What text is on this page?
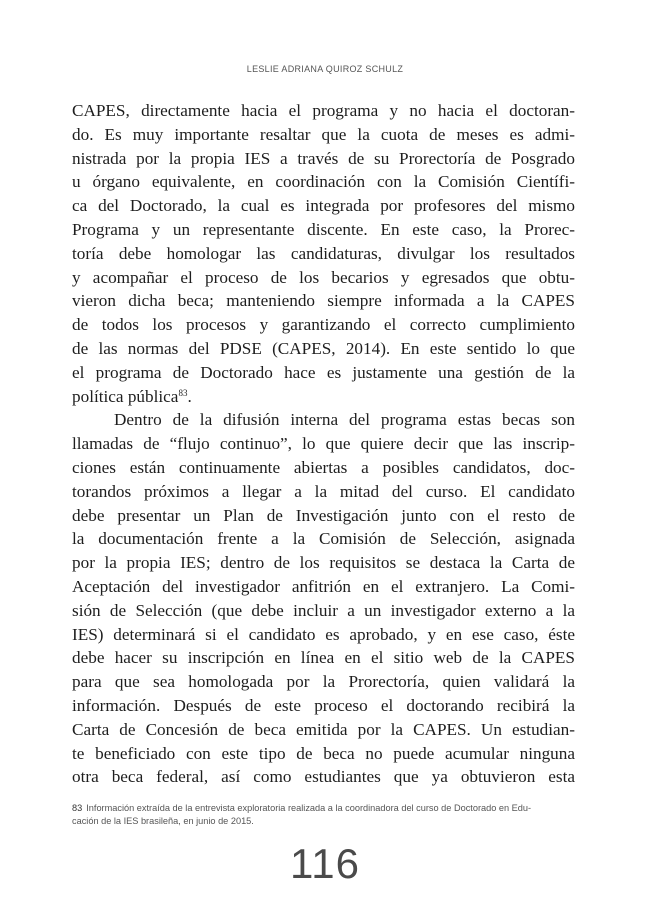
LESLIE ADRIANA QUIROZ SCHULZ
CAPES, directamente hacia el programa y no hacia el doctoran-
do. Es muy importante resaltar que la cuota de meses es admi-
nistrada por la propia IES a través de su Prorectoría de Posgrado
u órgano equivalente, en coordinación con la Comisión Científi-
ca del Doctorado, la cual es integrada por profesores del mismo
Programa y un representante discente. En este caso, la Prorec-
toría debe homologar las candidaturas, divulgar los resultados
y acompañar el proceso de los becarios y egresados que obtu-
vieron dicha beca; manteniendo siempre informada a la CAPES
de todos los procesos y garantizando el correcto cumplimiento
de las normas del PDSE (CAPES, 2014). En este sentido lo que
el programa de Doctorado hace es justamente una gestión de la
política pública$^{83}$.
Dentro de la difusión interna del programa estas becas son
llamadas de “flujo continuo”, lo que quiere decir que las inscrip-
ciones están continuamente abiertas a posibles candidatos, doc-
torandos próximos a llegar a la mitad del curso. El candidato
debe presentar un Plan de Investigación junto con el resto de
la documentación frente a la Comisión de Selección, asignada
por la propia IES; dentro de los requisitos se destaca la Carta de
Aceptación del investigador anfitrión en el extranjero. La Comi-
sión de Selección (que debe incluir a un investigador externo a la
IES) determinará si el candidato es aprobado, y en ese caso, éste
debe hacer su inscripción en línea en el sitio web de la CAPES
para que sea homologada por la Prorectoría, quien validará la
información. Después de este proceso el doctorando recibirá la
Carta de Concesión de beca emitida por la CAPES. Un estudian-
te beneficiado con este tipo de beca no puede acumular ninguna
otra beca federal, así como estudiantes que ya obtuvieron esta
83 Información extraída de la entrevista exploratoria realizada a la coordinadora del curso de Doctorado en Edu-
cación de la IES brasileña, en junio de 2015.
116
